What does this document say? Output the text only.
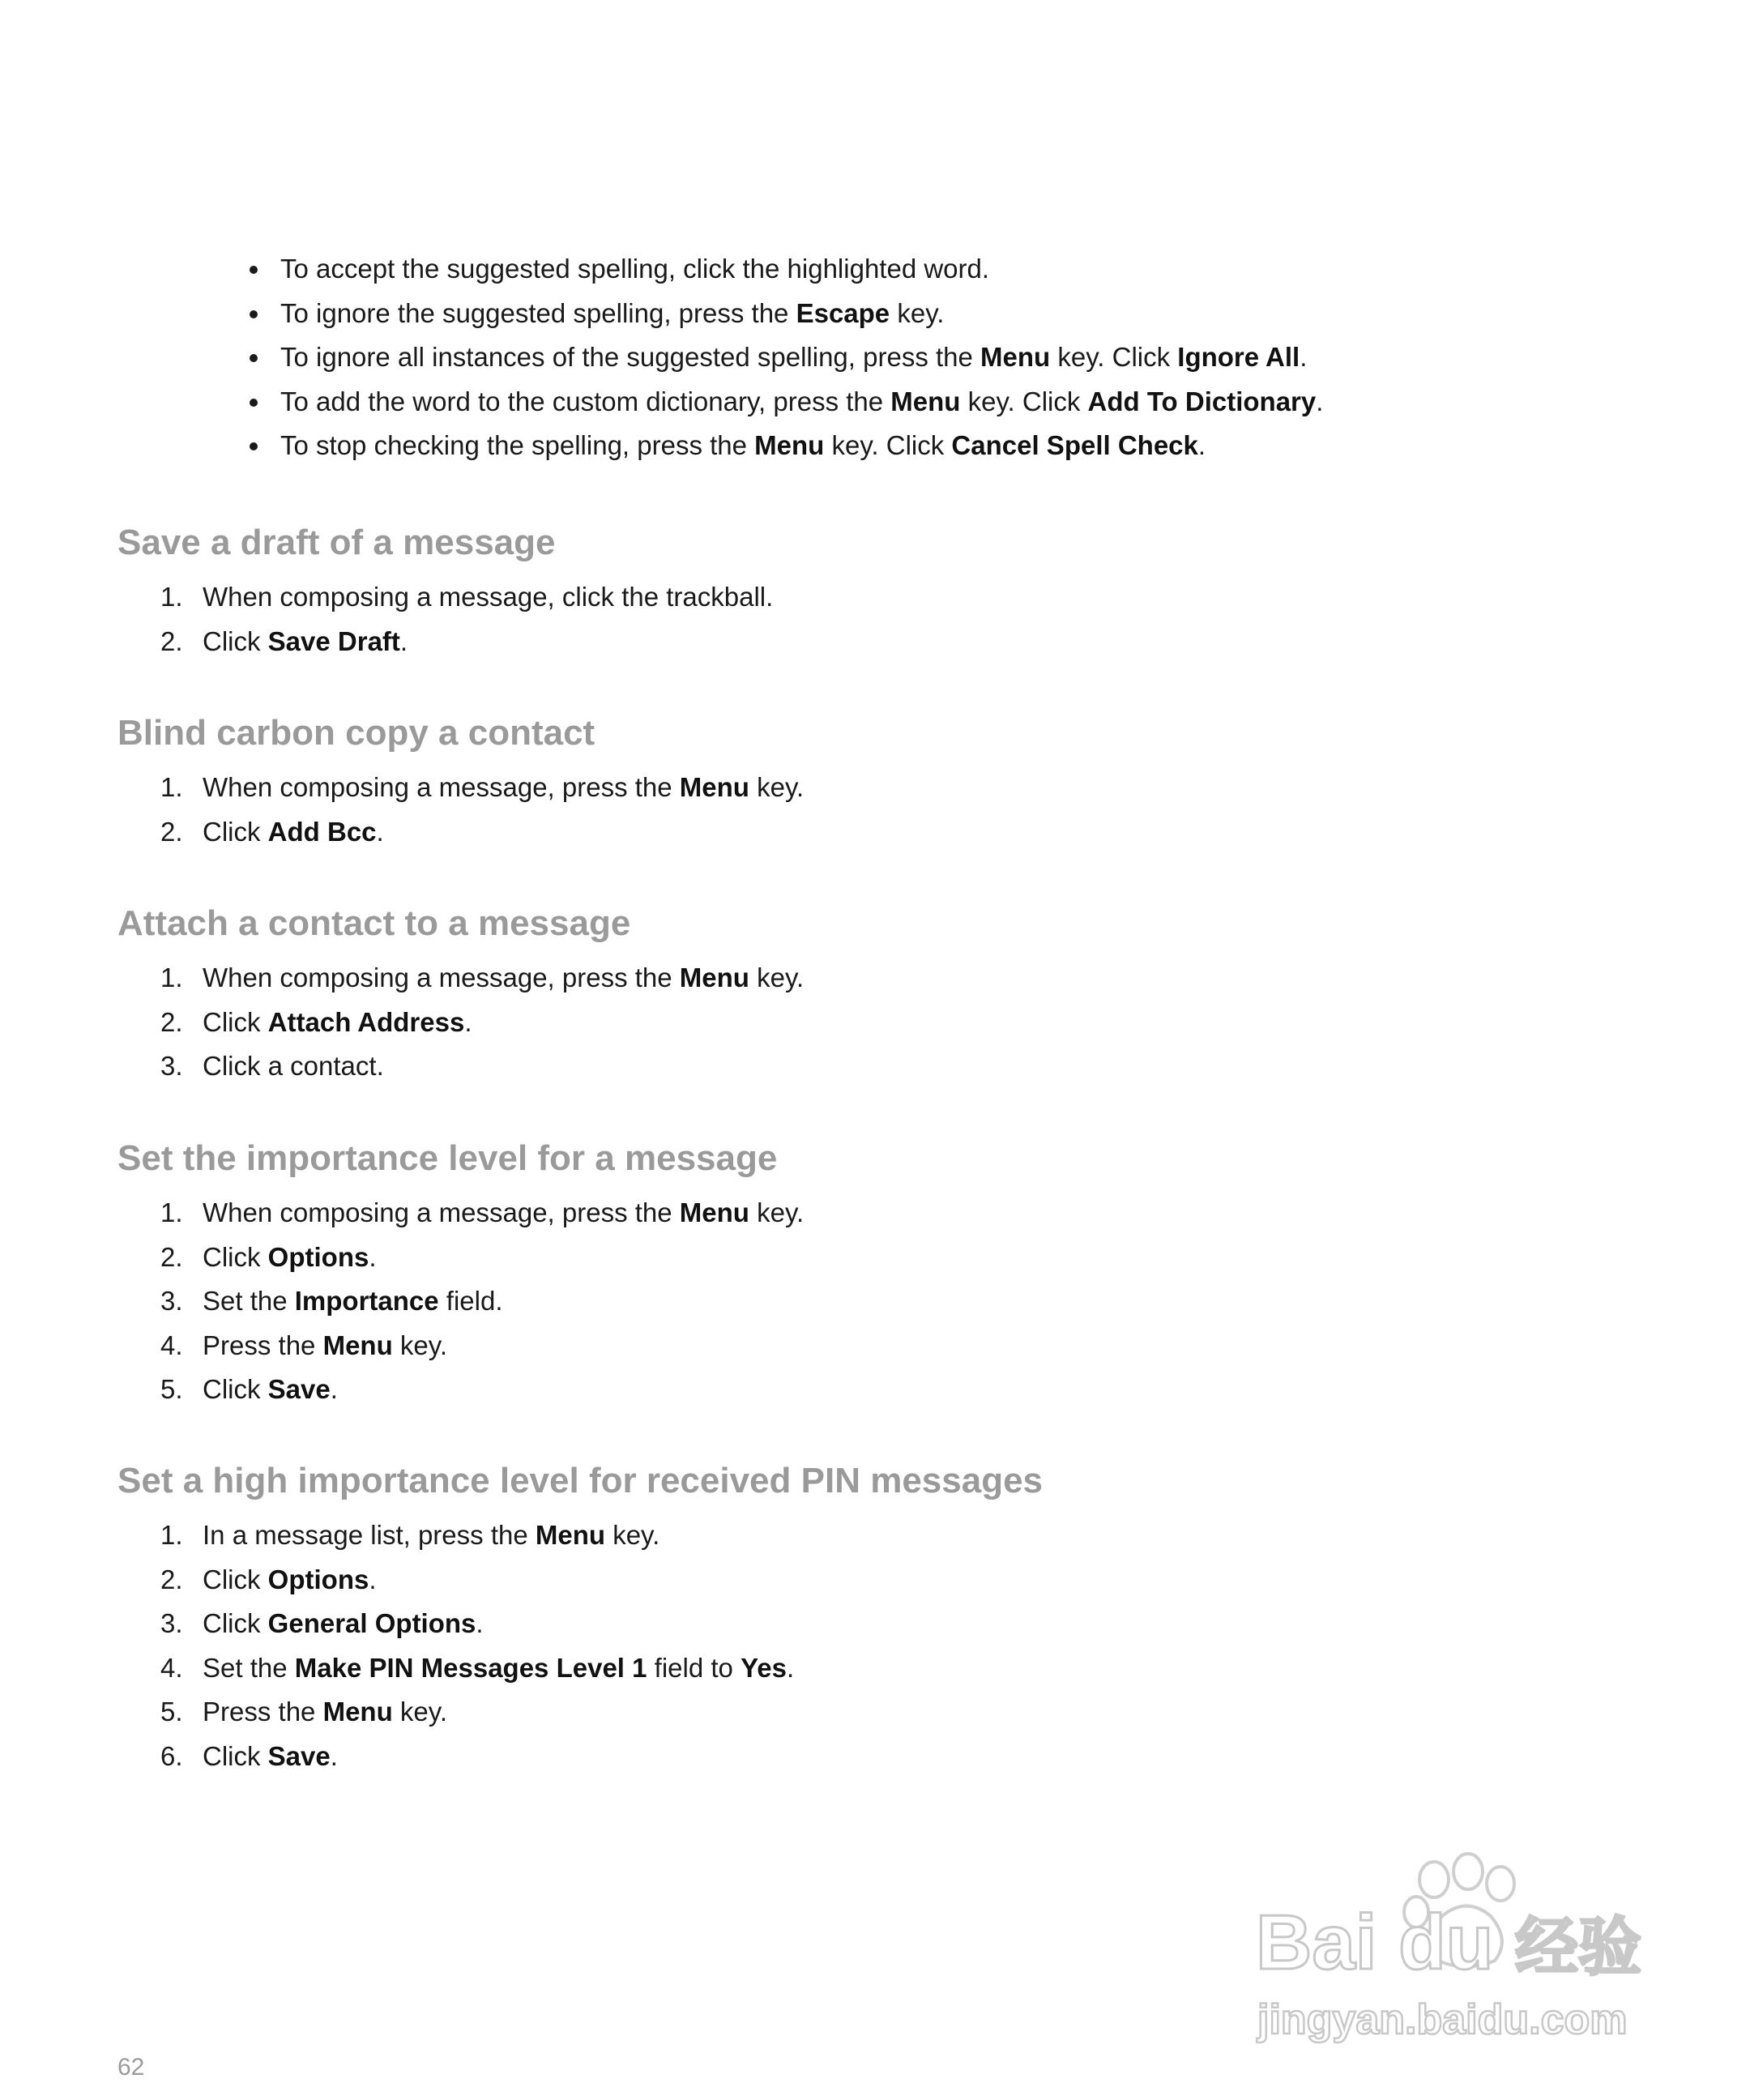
To accept the suggested spelling, click the highlighted word.
To ignore the suggested spelling, press the Escape key.
To ignore all instances of the suggested spelling, press the Menu key. Click Ignore All.
To add the word to the custom dictionary, press the Menu key. Click Add To Dictionary.
To stop checking the spelling, press the Menu key. Click Cancel Spell Check.
Save a draft of a message
1. When composing a message, click the trackball.
2. Click Save Draft.
Blind carbon copy a contact
1. When composing a message, press the Menu key.
2. Click Add Bcc.
Attach a contact to a message
1. When composing a message, press the Menu key.
2. Click Attach Address.
3. Click a contact.
Set the importance level for a message
1. When composing a message, press the Menu key.
2. Click Options.
3. Set the Importance field.
4. Press the Menu key.
5. Click Save.
Set a high importance level for received PIN messages
1. In a message list, press the Menu key.
2. Click Options.
3. Click General Options.
4. Set the Make PIN Messages Level 1 field to Yes.
5. Press the Menu key.
6. Click Save.
62
Bai du 经验
jingyan.baidu.com
